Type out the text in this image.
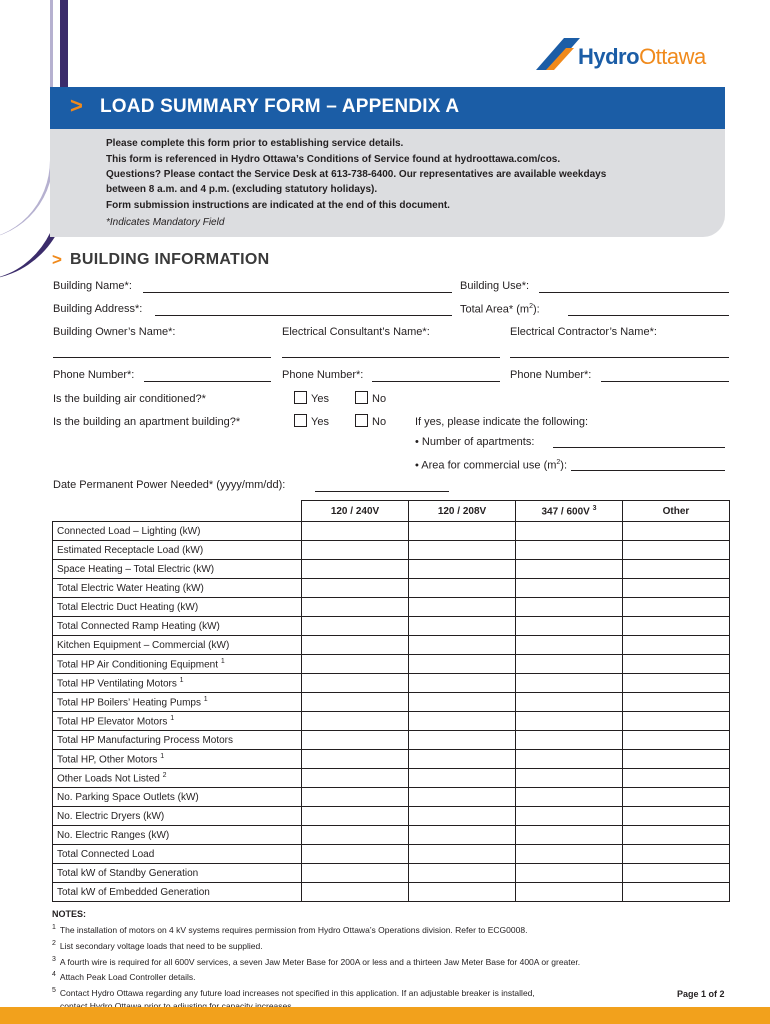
HydroOttawa
> LOAD SUMMARY FORM – APPENDIX A
Please complete this form prior to establishing service details.
This form is referenced in Hydro Ottawa’s Conditions of Service found at hydroottawa.com/cos.
Questions? Please contact the Service Desk at 613-738-6400. Our representatives are available weekdays
between 8 a.m. and 4 p.m. (excluding statutory holidays).
Form submission instructions are indicated at the end of this document.
*Indicates Mandatory Field
> BUILDING INFORMATION
Building Name*:	Building Use*:
Building Address*:	Total Area* $(m^2)$:
Building Owner’s Name*:	Electrical Consultant’s Name*:	Electrical Contractor’s Name*:
Phone Number*:	Phone Number*:	Phone Number*:
Is the building air conditioned?*	Yes	No
Is the building an apartment building?*	Yes	No	If yes, please indicate the following:
• Number of apartments:
• Area for commercial use $(m^2)$:
Date Permanent Power Needed* (yyyy/mm/dd):
	120 / 240V	120 / 208V	347 / 600V $^3$	Other
Connected Load – Lighting (kW)				
Estimated Receptacle Load (kW)				
Space Heating – Total Electric (kW)				
Total Electric Water Heating (kW)				
Total Electric Duct Heating (kW)				
Total Connected Ramp Heating (kW)				
Kitchen Equipment – Commercial (kW)				
Total HP Air Conditioning Equipment $^1$				
Total HP Ventilating Motors $^1$				
Total HP Boilers’ Heating Pumps $^1$				
Total HP Elevator Motors $^1$				
Total HP Manufacturing Process Motors				
Total HP, Other Motors $^1$				
Other Loads Not Listed $^2$				
No. Parking Space Outlets (kW)				
No. Electric Dryers (kW)				
No. Electric Ranges (kW)				
Total Connected Load				
Total kW of Standby Generation				
Total kW of Embedded Generation				
NOTES:
$^1$ The installation of motors on 4 kV systems requires permission from Hydro Ottawa’s Operations division. Refer to ECG0008.
$^2$ List secondary voltage loads that need to be supplied.
$^3$ A fourth wire is required for all 600V services, a seven Jaw Meter Base for 200A or less and a thirteen Jaw Meter Base for 400A or greater.
$^4$ Attach Peak Load Controller details.
$^5$ Contact Hydro Ottawa regarding any future load increases not specified in this application. If an adjustable breaker is installed,	Page 1 of 2
